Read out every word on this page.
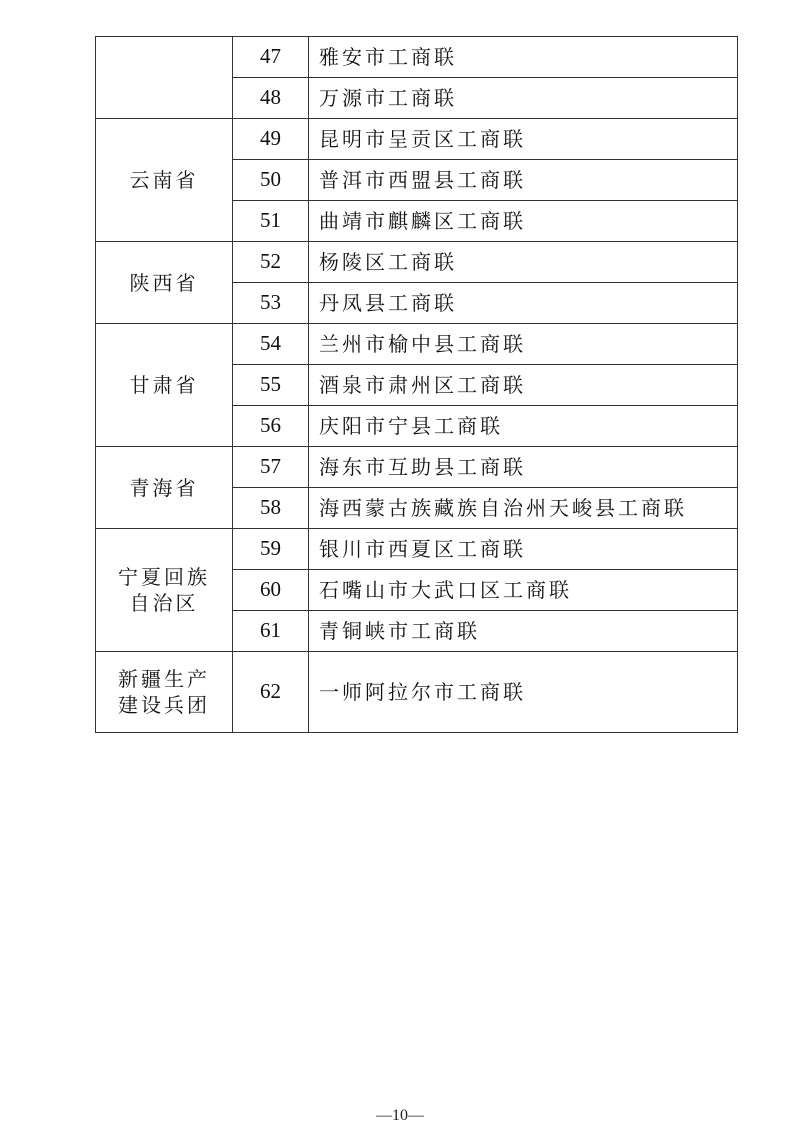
	47	雅安市工商联
	48	万源市工商联
云南省	49	昆明市呈贡区工商联
	50	普洱市西盟县工商联
	51	曲靖市麒麟区工商联
陕西省	52	杨陵区工商联
	53	丹凤县工商联
甘肃省	54	兰州市榆中县工商联
	55	酒泉市肃州区工商联
	56	庆阳市宁县工商联
青海省	57	海东市互助县工商联
	58	海西蒙古族藏族自治州天峻县工商联
宁夏回族
自治区	59	银川市西夏区工商联
	60	石嘴山市大武口区工商联
	61	青铜峡市工商联
新疆生产
建设兵团	62	一师阿拉尔市工商联
—10—
